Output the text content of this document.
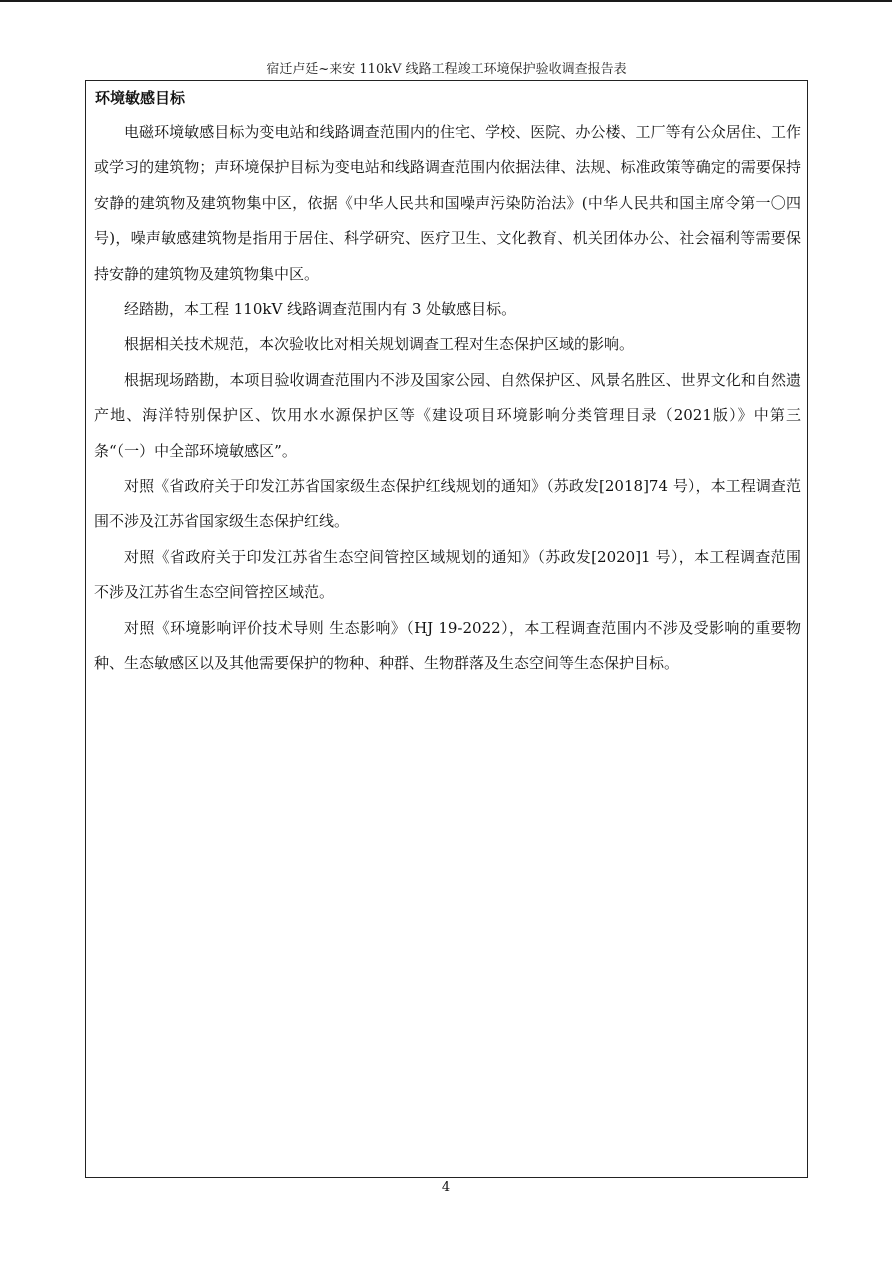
宿迁卢廷~来安 110kV 线路工程竣工环境保护验收调查报告表
环境敏感目标

电磁环境敏感目标为变电站和线路调查范围内的住宅、学校、医院、办公楼、工厂等有公众居住、工作或学习的建筑物；声环境保护目标为变电站和线路调查范围内依据法律、法规、标准政策等确定的需要保持安静的建筑物及建筑物集中区，依据《中华人民共和国噪声污染防治法》(中华人民共和国主席令第一〇四号)，噪声敏感建筑物是指用于居住、科学研究、医疗卫生、文化教育、机关团体办公、社会福利等需要保持安静的建筑物及建筑物集中区。

经踏勘，本工程 110kV 线路调查范围内有 3 处敏感目标。

根据相关技术规范，本次验收比对相关规划调查工程对生态保护区域的影响。

根据现场踏勘，本项目验收调查范围内不涉及国家公园、自然保护区、风景名胜区、世界文化和自然遗产地、海洋特别保护区、饮用水水源保护区等《建设项目环境影响分类管理目录（2021版）》中第三条“（一）中全部环境敏感区”。

对照《省政府关于印发江苏省国家级生态保护红线规划的通知》（苏政发[2018]74 号），本工程调查范围不涉及江苏省国家级生态保护红线。

对照《省政府关于印发江苏省生态空间管控区域规划的通知》（苏政发[2020]1 号），本工程调查范围不涉及江苏省生态空间管控区域范。

对照《环境影响评价技术导则 生态影响》（HJ 19-2022），本工程调查范围内不涉及受影响的重要物种、生态敏感区以及其他需要保护的物种、种群、生物群落及生态空间等生态保护目标。

4
